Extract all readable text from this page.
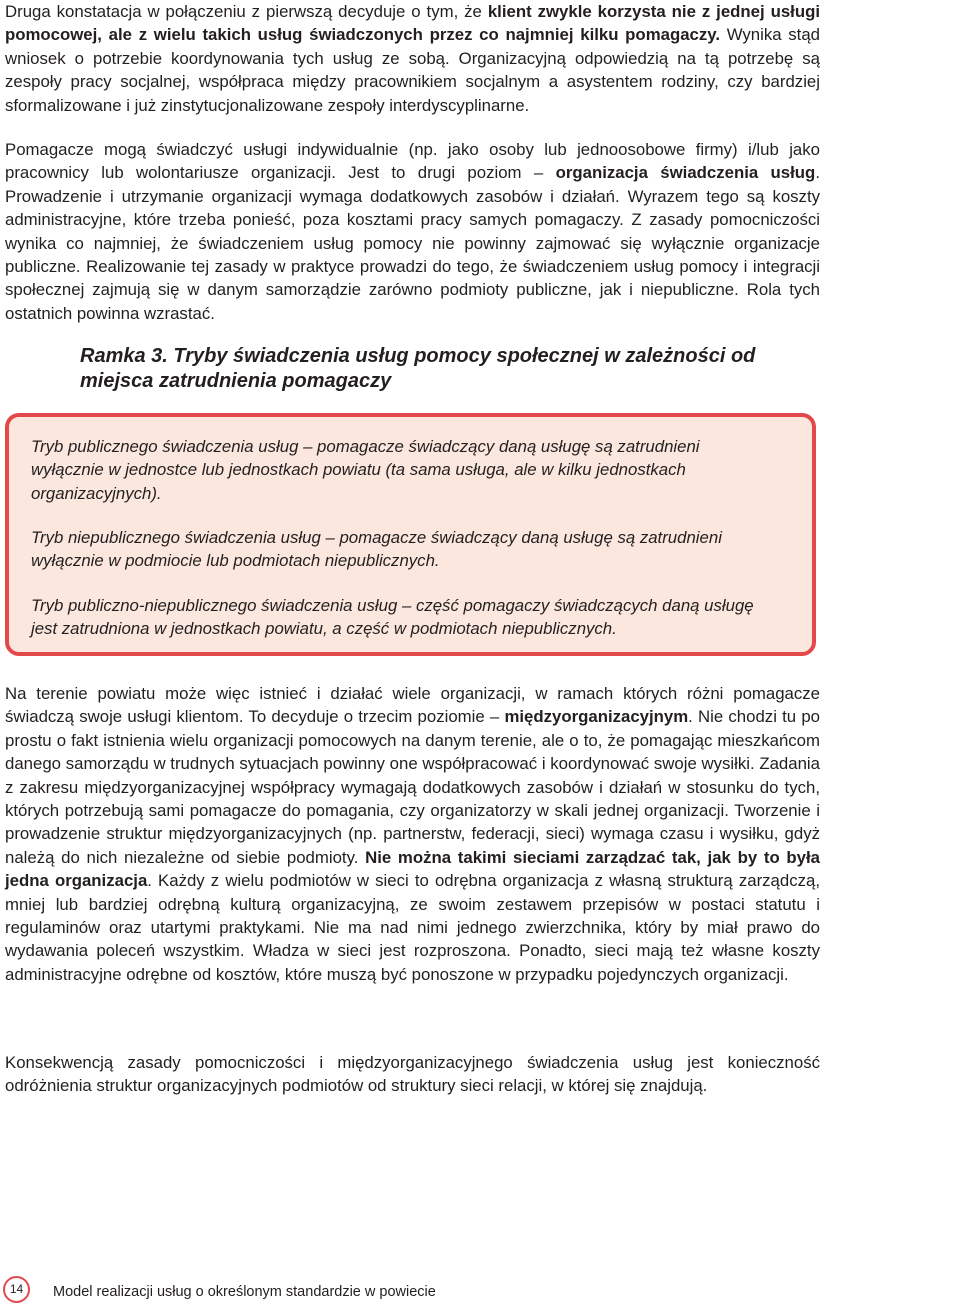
Druga konstatacja w połączeniu z pierwszą decyduje o tym, że klient zwykle korzysta nie z jednej usługi pomocowej, ale z wielu takich usług świadczonych przez co najmniej kilku pomagaczy. Wynika stąd wniosek o potrzebie koordynowania tych usług ze sobą. Organizacyjną odpowiedzią na tą potrzebę są zespoły pracy socjalnej, współpraca między pracownikiem socjalnym a asystentem rodziny, czy bardziej sformalizowane i już zinstytucjonalizowane zespoły interdyscyplinarne.

Pomagacze mogą świadczyć usługi indywidualnie (np. jako osoby lub jednoosobowe firmy) i/lub jako pracownicy lub wolontariusze organizacji. Jest to drugi poziom – organizacja świadczenia usług. Prowadzenie i utrzymanie organizacji wymaga dodatkowych zasobów i działań. Wyrazem tego są koszty administracyjne, które trzeba ponieść, poza kosztami pracy samych pomagaczy. Z zasady pomocniczości wynika co najmniej, że świadczeniem usług pomocy nie powinny zajmować się wyłącznie organizacje publiczne. Realizowanie tej zasady w praktyce prowadzi do tego, że świadczeniem usług pomocy i integracji społecznej zajmują się w danym samorządzie zarówno podmioty publiczne, jak i niepubliczne. Rola tych ostatnich powinna wzrastać.

Ramka 3. Tryby świadczenia usług pomocy społecznej w zależności od miejsca zatrudnienia pomagaczy

Tryb publicznego świadczenia usług – pomagacze świadczący daną usługę są zatrudnieni wyłącznie w jednostce lub jednostkach powiatu (ta sama usługa, ale w kilku jednostkach organizacyjnych).

Tryb niepublicznego świadczenia usług – pomagacze świadczący daną usługę są zatrudnieni wyłącznie w podmiocie lub podmiotach niepublicznych.

Tryb publiczno-niepublicznego świadczenia usług – część pomagaczy świadczących daną usługę jest zatrudniona w jednostkach powiatu, a część w podmiotach niepublicznych.

Na terenie powiatu może więc istnieć i działać wiele organizacji, w ramach których różni pomagacze świadczą swoje usługi klientom. To decyduje o trzecim poziomie – międzyorganizacyjnym. Nie chodzi tu po prostu o fakt istnienia wielu organizacji pomocowych na danym terenie, ale o to, że pomagając mieszkańcom danego samorządu w trudnych sytuacjach powinny one współpracować i koordynować swoje wysiłki. Zadania z zakresu międzyorganizacyjnej współpracy wymagają dodatkowych zasobów i działań w stosunku do tych, których potrzebują sami pomagacze do pomagania, czy organizatorzy w skali jednej organizacji. Tworzenie i prowadzenie struktur międzyorganizacyjnych (np. partnerstw, federacji, sieci) wymaga czasu i wysiłku, gdyż należą do nich niezależne od siebie podmioty. Nie można takimi sieciami zarządzać tak, jak by to była jedna organizacja. Każdy z wielu podmiotów w sieci to odrębna organizacja z własną strukturą zarządczą, mniej lub bardziej odrębną kulturą organizacyjną, ze swoim zestawem przepisów w postaci statutu i regulaminów oraz utartymi praktykami. Nie ma nad nimi jednego zwierzchnika, który by miał prawo do wydawania poleceń wszystkim. Władza w sieci jest rozproszona. Ponadto, sieci mają też własne koszty administracyjne odrębne od kosztów, które muszą być ponoszone w przypadku pojedynczych organizacji.

Konsekwencją zasady pomocniczości i międzyorganizacyjnego świadczenia usług jest konieczność odróżnienia struktur organizacyjnych podmiotów od struktury sieci relacji, w której się znajdują.

14	Model realizacji usług o określonym standardzie w powiecie
